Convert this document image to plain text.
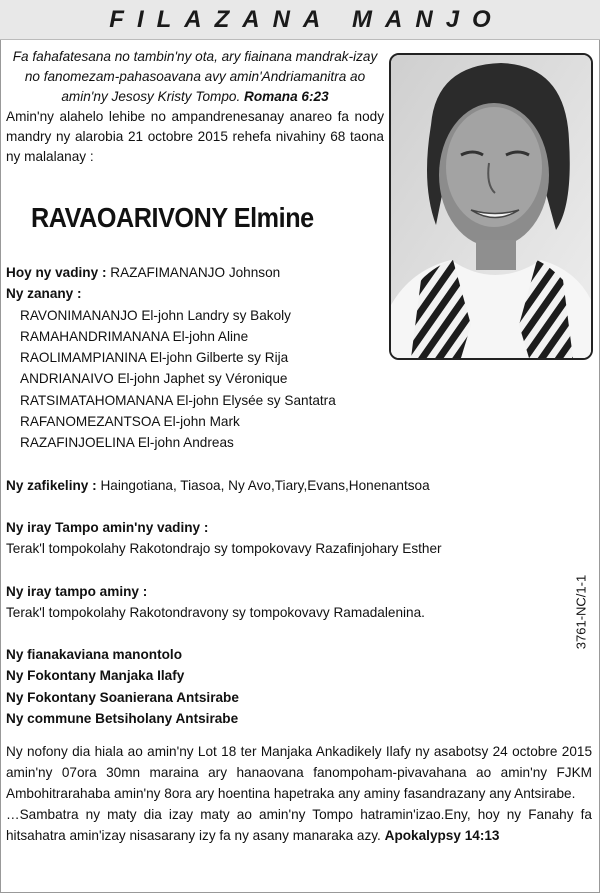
FILAZANA MANJO
Fa fahafatesana no tambin'ny ota, ary fiainana mandrak-izay no fanomezam-pahasoavana avy amin'Andriamanitra ao amin'ny Jesosy Kristy Tompo. Romana 6:23
Amin'ny alahelo lehibe no ampandrenesanay anareo fa nody mandry ny alarobia 21 octobre 2015 rehefa nivahiny 68 taona ny malalanay :
RAVAOARIVONY Elmine
Hoy ny vadiny : RAZAFIMANANJO Johnson
Ny zanany :
RAVONIMANANJO El-john Landry sy Bakoly
RAMAHANDRIMANANA El-john Aline
RAOLIMAMPIANINA El-john Gilberte sy Rija
ANDRIANAIVO El-john Japhet sy Véronique
RATSIMATAHOMANANA El-john Elysée sy Santatra
RAFANOMEZANTSOA El-john Mark
RAZAFINJOELINA El-john Andreas
Ny zafikeliny : Haingotiana, Tiasoa, Ny Avo,Tiary,Evans,Honenantsoa
Ny iray Tampo amin'ny vadiny :
Terak'l tompokolahy Rakotondrajo sy tompokovavy Razafinjohary Esther
Ny iray tampo aminy :
Terak'l tompokolahy Rakotondravony sy tompokovavy Ramadalenina.
Ny fianakaviana manontolo
Ny Fokontany Manjaka Ilafy
Ny Fokontany Soanierana Antsirabe
Ny commune Betsiholany Antsirabe
3761-NC/1-1
Ny nofony dia hiala ao amin'ny Lot 18 ter Manjaka Ankadikely Ilafy ny asabotsy 24 octobre 2015 amin'ny 07ora 30mn maraina ary hanaovana fanompoham-pivavahana ao amin'ny FJKM Ambohitrarahaba amin'ny 8ora ary hoentina hapetraka any aminy fasandrazany any Antsirabe.
…Sambatra ny maty dia izay maty ao amin'ny Tompo hatramin'izao.Eny, hoy ny Fanahy fa hitsahatra amin'izay nisasarany izy fa ny asany manaraka azy. Apokalypsy 14:13
